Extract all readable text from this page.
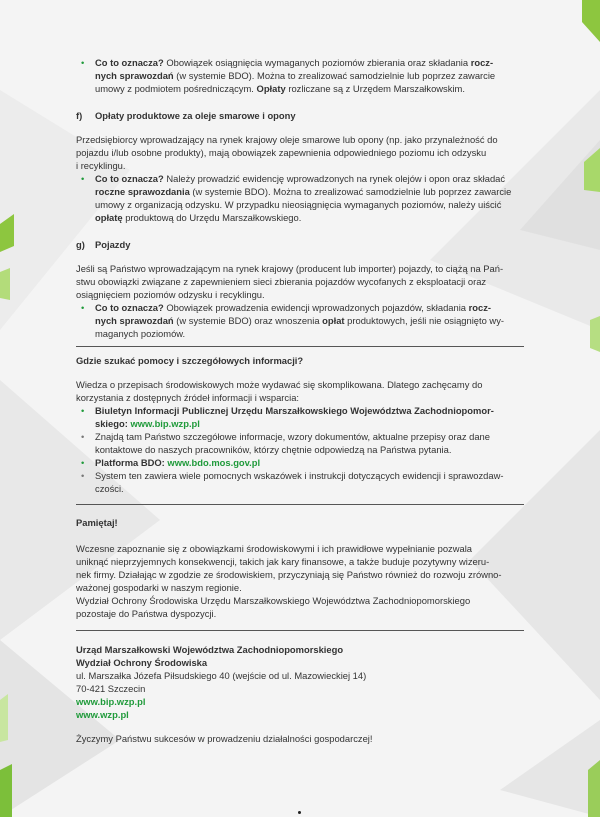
• Co to oznacza? Obowiązek osiągnięcia wymaganych poziomów zbierania oraz składania rocz-
nych sprawozdań (w systemie BDO). Można to zrealizować samodzielnie lub poprzez zawarcie
umowy z podmiotem pośredniczącym. Opłaty rozliczane są z Urzędem Marszałkowskim.

f) Opłaty produktowe za oleje smarowe i opony

Przedsiębiorcy wprowadzający na rynek krajowy oleje smarowe lub opony (np. jako przynależność do
pojazdu i/lub osobne produkty), mają obowiązek zapewnienia odpowiedniego poziomu ich odzysku
i recyklingu.

• Co to oznacza? Należy prowadzić ewidencję wprowadzonych na rynek olejów i opon oraz składać
roczne sprawozdania (w systemie BDO). Można to zrealizować samodzielnie lub poprzez zawarcie
umowy z organizacją odzysku. W przypadku nieosiągnięcia wymaganych poziomów, należy uiścić
opłatę produktową do Urzędu Marszałkowskiego.

g) Pojazdy

Jeśli są Państwo wprowadzającym na rynek krajowy (producent lub importer) pojazdy, to ciążą na Pań-
stwu obowiązki związane z zapewnieniem sieci zbierania pojazdów wycofanych z eksploatacji oraz
osiągnięciem poziomów odzysku i recyklingu.

• Co to oznacza? Obowiązek prowadzenia ewidencji wprowadzonych pojazdów, składania rocz-
nych sprawozdań (w systemie BDO) oraz wnoszenia opłat produktowych, jeśli nie osiągnięto wy-
maganych poziomów.

Gdzie szukać pomocy i szczegółowych informacji?

Wiedza o przepisach środowiskowych może wydawać się skomplikowana. Dlatego zachęcamy do
korzystania z dostępnych źródeł informacji i wsparcia:

• Biuletyn Informacji Publicznej Urzędu Marszałkowskiego Województwa Zachodniopomor-
skiego: www.bip.wzp.pl
• Znajdą tam Państwo szczegółowe informacje, wzory dokumentów, aktualne przepisy oraz dane
kontaktowe do naszych pracowników, którzy chętnie odpowiedzą na Państwa pytania.
• Platforma BDO: www.bdo.mos.gov.pl
• System ten zawiera wiele pomocnych wskazówek i instrukcji dotyczących ewidencji i sprawozdaw-
czości.

Pamiętaj!

Wczesne zapoznanie się z obowiązkami środowiskowymi i ich prawidłowe wypełnianie pozwala
uniknąć nieprzyjemnych konsekwencji, takich jak kary finansowe, a także buduje pozytywny wizeru-
nek firmy. Działając w zgodzie ze środowiskiem, przyczyniają się Państwo również do rozwoju zrówno-
ważonej gospodarki w naszym regionie.
Wydział Ochrony Środowiska Urzędu Marszałkowskiego Województwa Zachodniopomorskiego
pozostaje do Państwa dyspozycji.

Urząd Marszałkowski Województwa Zachodniopomorskiego
Wydział Ochrony Środowiska
ul. Marszałka Józefa Piłsudskiego 40 (wejście od ul. Mazowieckiej 14)
70-421 Szczecin
www.bip.wzp.pl
www.wzp.pl

Życzymy Państwu sukcesów w prowadzeniu działalności gospodarczej!
